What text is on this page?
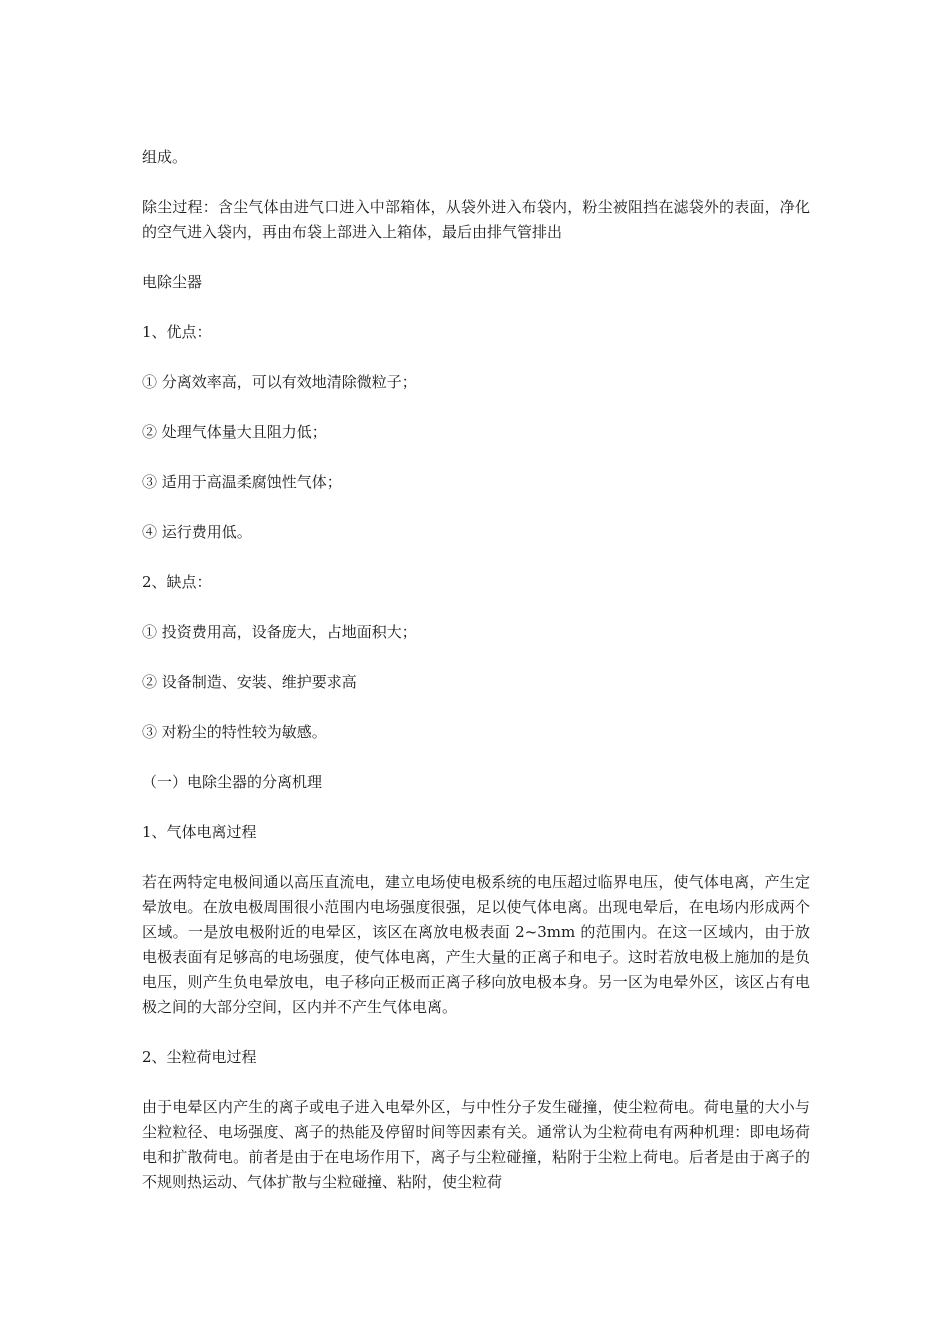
组成。

除尘过程：含尘气体由进气口进入中部箱体，从袋外进入布袋内，粉尘被阻挡在滤袋外的表面，净化的空气进入袋内，再由布袋上部进入上箱体，最后由排气管排出

电除尘器

1、优点：

① 分离效率高，可以有效地清除微粒子；

② 处理气体量大且阻力低；

③ 适用于高温柔腐蚀性气体；

④ 运行费用低。

2、缺点：

① 投资费用高，设备庞大，占地面积大；

② 设备制造、安装、维护要求高

③ 对粉尘的特性较为敏感。

（一）电除尘器的分离机理

1、气体电离过程

若在两特定电极间通以高压直流电，建立电场使电极系统的电压超过临界电压，使气体电离，产生定晕放电。在放电极周围很小范围内电场强度很强，足以使气体电离。出现电晕后，在电场内形成两个区域。一是放电极附近的电晕区，该区在离放电极表面 2~3mm 的范围内。在这一区域内，由于放电极表面有足够高的电场强度，使气体电离，产生大量的正离子和电子。这时若放电极上施加的是负电压，则产生负电晕放电，电子移向正极而正离子移向放电极本身。另一区为电晕外区，该区占有电极之间的大部分空间，区内并不产生气体电离。

2、尘粒荷电过程

由于电晕区内产生的离子或电子进入电晕外区，与中性分子发生碰撞，使尘粒荷电。荷电量的大小与尘粒粒径、电场强度、离子的热能及停留时间等因素有关。通常认为尘粒荷电有两种机理：即电场荷电和扩散荷电。前者是由于在电场作用下，离子与尘粒碰撞，粘附于尘粒上荷电。后者是由于离子的不规则热运动、气体扩散与尘粒碰撞、粘附，使尘粒荷
